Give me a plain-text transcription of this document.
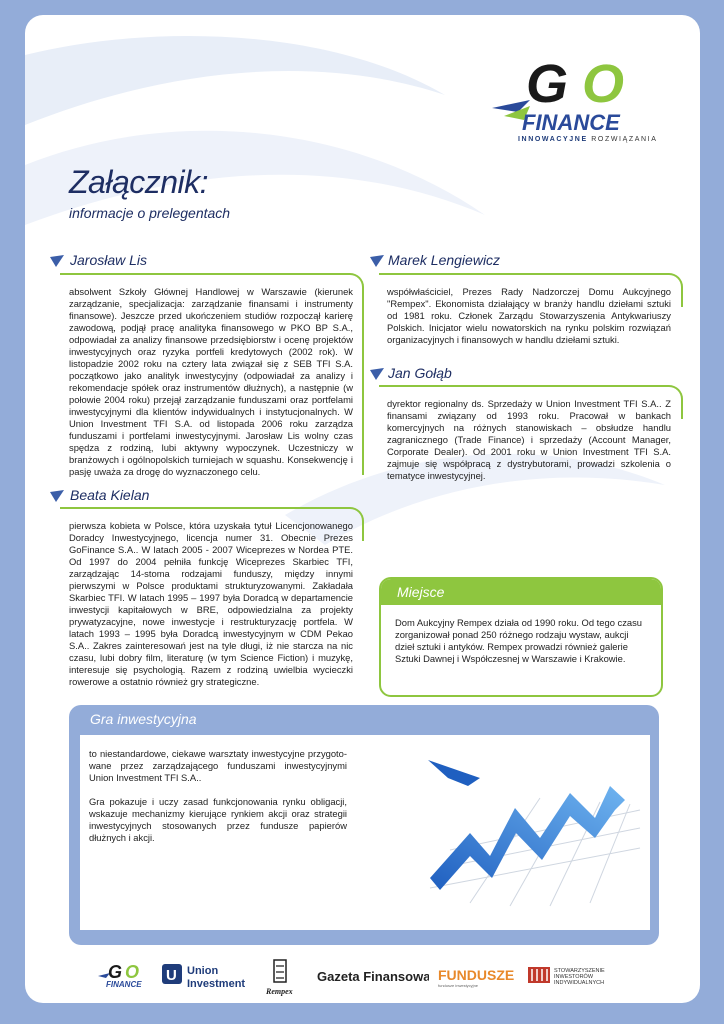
G O
FINANCE
INNOWACYJNE ROZWIĄZANIA
Załącznik:
informacje o prelegentach
Jarosław Lis

absolwent Szkoły Głównej Handlowej w Warszawie (kierunek zarządzanie, specjalizacja: zarządzanie finansami i instrumenty finansowe). Jeszcze przed ukończeniem studiów rozpoczął karierę zawodową, podjął pracę analityka finansowego w PKO BP S.A., odpowiadał za analizy finansowe przedsiębiorstw i ocenę projektów inwestycyjnych oraz ryzyka portfeli kredytowych (2002 rok). W listopadzie 2002 roku na cztery lata związał się z SEB TFI S.A. początkowo jako analityk inwestycyjny (odpowiadał za analizy i rekomendacje spółek oraz instrumentów dłużnych), a następnie (w połowie 2004 roku) przejął zarządzanie funduszami oraz portfelami inwestycyjnymi dla klientów indywidualnych i instytucjonalnych. W Union Investment TFI S.A. od listopada 2006 roku zarządza funduszami i portfelami inwestycyjnymi. Jarosław Lis wolny czas spędza z rodziną, lubi aktywny wypoczynek. Uczestniczy w branżowych i ogólnopolskich turniejach w squashu. Konsekwencję i pasję uważa za drogę do wyznaczonego celu.

Marek Lengiewicz

współwłaściciel, Prezes Rady Nadzorczej Domu Aukcyjnego "Rempex". Ekonomista działający w branży handlu dziełami sztuki od 1981 roku. Członek Zarządu Stowarzyszenia Antykwariuszy Polskich. Inicjator wielu nowatorskich na rynku polskim rozwiązań organizacyjnych i finansowych w handlu dziełami sztuki.

Jan Gołąb

dyrektor regionalny ds. Sprzedaży w Union Investment TFI S.A.. Z finansami związany od 1993 roku. Pracował w bankach komercyjnych na różnych stanowiskach – obsłudze handlu zagranicznego (Trade Finance) i sprzedaży (Account Manager, Corporate Dealer). Od 2001 roku w Union Investment TFI S.A. zajmuje się współpracą z dystrybutorami, prowadzi szkolenia o tematyce inwestycyjnej.

Beata Kielan

pierwsza kobieta w Polsce, która uzyskała tytuł Licencjonowanego Doradcy Inwestycyjnego, licencja numer 31. Obecnie Prezes GoFinance S.A.. W latach 2005 - 2007 Wiceprezes w Nordea PTE. Od 1997 do 2004 pełniła funkcję Wiceprezes Skarbiec TFI, zarządzając 14-stoma rodzajami funduszy, między innymi pierwszymi w Polsce produktami strukturyzowanymi. Zakładała Skarbiec TFI. W latach 1995 – 1997 była Doradcą w departamencie inwestycji kapitałowych w BRE, odpowiedzialna za projekty prywatyzacyjne, nowe inwestycje i restrukturyzację portfela. W latach 1993 – 1995 była Doradcą inwestycyjnym w CDM Pekao S.A.. Zakres zainteresowań jest na tyle długi, iż nie starcza na nic czasu, lubi dobry film, literaturę (w tym Science Fiction) i muzykę, interesuje się psychologią. Razem z rodziną uwielbia wycieczki rowerowe a ostatnio również gry strategiczne.

Miejsce

Dom Aukcyjny Rempex działa od 1990 roku. Od tego czasu zorganizował ponad 250 różnego rodzaju wystaw, aukcji dzieł sztuki i antyków. Rempex prowadzi również galerie Sztuki Dawnej i Współczesnej w Warszawie i Krakowie.

Gra inwestycyjna

to niestandardowe, ciekawe warsztaty inwestycyjne przygoto-wane przez zarządzającego funduszami inwestycyjnymi Union Investment TFI S.A..

Gra pokazuje i uczy zasad funkcjonowania rynku obligacji, wskazuje mechanizmy kierujące rynkiem akcji oraz strategii inwestycyjnych stosowanych przez fundusze papierów dłużnych i akcji.

G O
FINANCE
U Union
Investment
Rempex
Gazeta Finansowa FUNDUSZE
fundusze inwestycyjne
STOWARZYSZENIE
INWESTORÓW
INDYWIDUALNYCH
